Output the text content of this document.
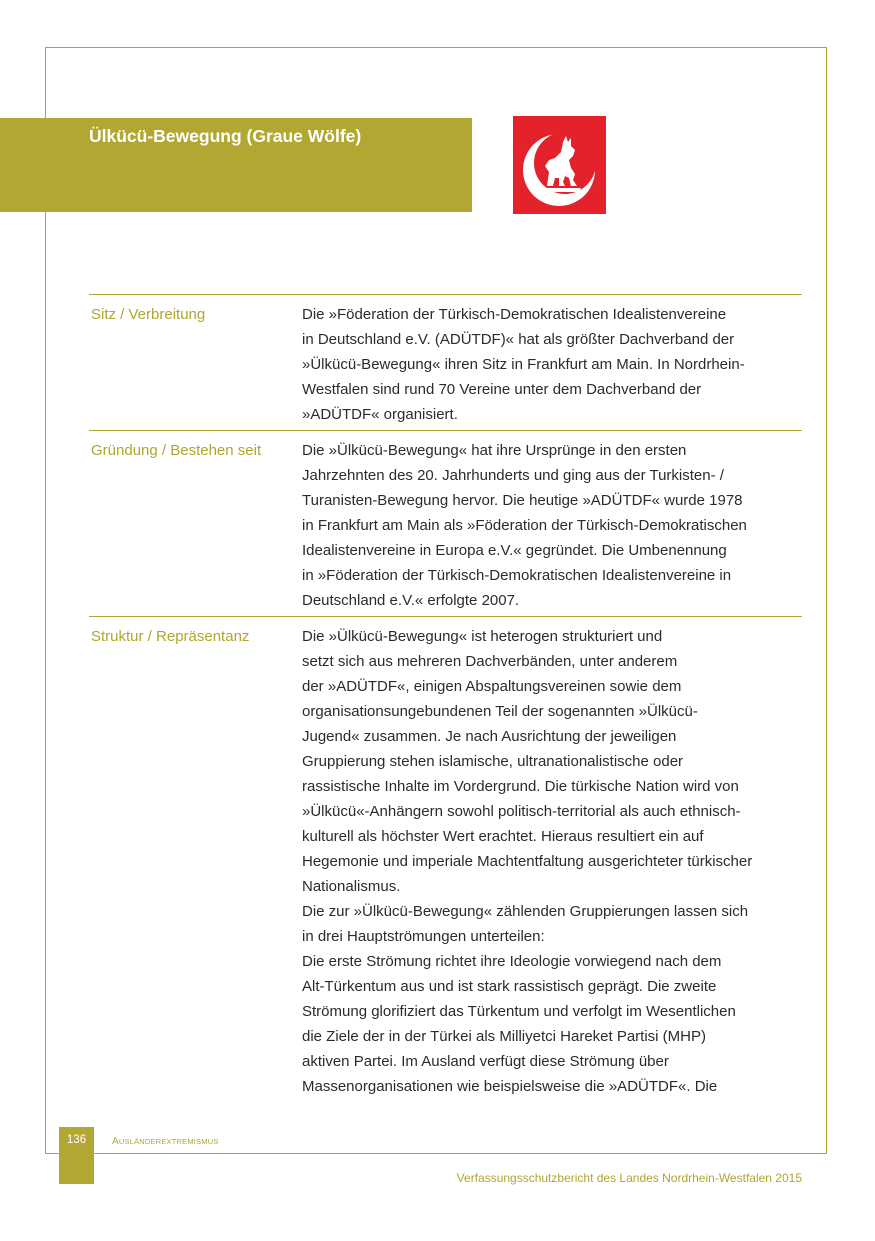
Ülkücü-Bewegung (Graue Wölfe)
Sitz / Verbreitung	Die »Föderation der Türkisch-Demokratischen Idealistenvereine
in Deutschland e.V. (ADÜTDF)« hat als größter Dachverband der
»Ülkücü-Bewegung« ihren Sitz in Frankfurt am Main. In Nordrhein-
Westfalen sind rund 70 Vereine unter dem Dachverband der
»ADÜTDF« organisiert.
Gründung / Bestehen seit	Die »Ülkücü-Bewegung« hat ihre Ursprünge in den ersten
Jahrzehnten des 20. Jahrhunderts und ging aus der Turkisten- /
Turanisten-Bewegung hervor. Die heutige »ADÜTDF« wurde 1978
in Frankfurt am Main als »Föderation der Türkisch-Demokratischen
Idealistenvereine in Europa e.V.« gegründet. Die Umbenennung
in »Föderation der Türkisch-Demokratischen Idealistenvereine in
Deutschland e.V.« erfolgte 2007.
Struktur / Repräsentanz	Die »Ülkücü-Bewegung« ist heterogen strukturiert und
setzt sich aus mehreren Dachverbänden, unter anderem
der »ADÜTDF«, einigen Abspaltungsvereinen sowie dem
organisationsungebundenen Teil der sogenannten »Ülkücü-
Jugend« zusammen. Je nach Ausrichtung der jeweiligen
Gruppierung stehen islamische, ultranationalistische oder
rassistische Inhalte im Vordergrund. Die türkische Nation wird von
»Ülkücü«-Anhängern sowohl politisch-territorial als auch ethnisch-
kulturell als höchster Wert erachtet. Hieraus resultiert ein auf
Hegemonie und imperiale Machtentfaltung ausgerichteter türkischer
Nationalismus.
Die zur »Ülkücü-Bewegung« zählenden Gruppierungen lassen sich
in drei Hauptströmungen unterteilen:
Die erste Strömung richtet ihre Ideologie vorwiegend nach dem
Alt-Türkentum aus und ist stark rassistisch geprägt. Die zweite
Strömung glorifiziert das Türkentum und verfolgt im Wesentlichen
die Ziele der in der Türkei als Milliyetci Hareket Partisi (MHP)
aktiven Partei. Im Ausland verfügt diese Strömung über
Massenorganisationen wie beispielsweise die »ADÜTDF«. Die
136	AUSLÄNDEREXTREMISMUS
Verfassungsschutzbericht des Landes Nordrhein-Westfalen 2015
